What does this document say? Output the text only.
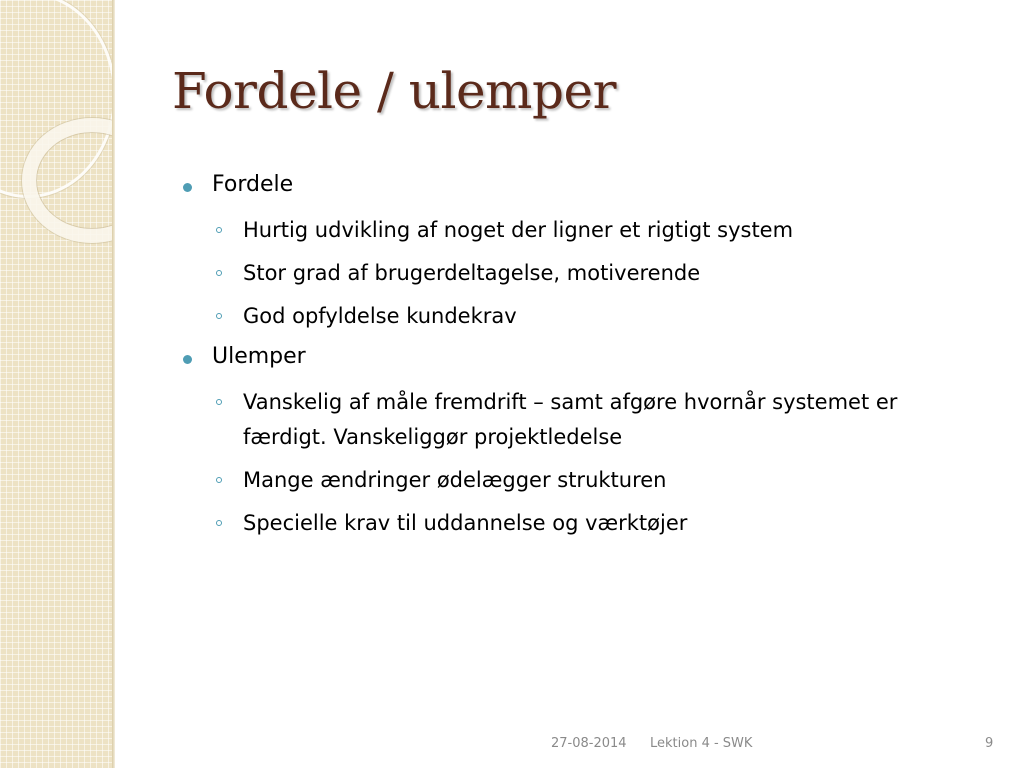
Fordele / ulemper
Fordele
Hurtig udvikling af noget der ligner et rigtigt system
Stor grad af brugerdeltagelse, motiverende
God opfyldelse kundekrav
Ulemper
Vanskelig af måle fremdrift – samt afgøre hvornår systemet er
færdigt. Vanskeliggør projektledelse
Mange ændringer ødelægger strukturen
Specielle krav til uddannelse og værktøjer
27-08-2014 Lektion 4 - SWK	9
